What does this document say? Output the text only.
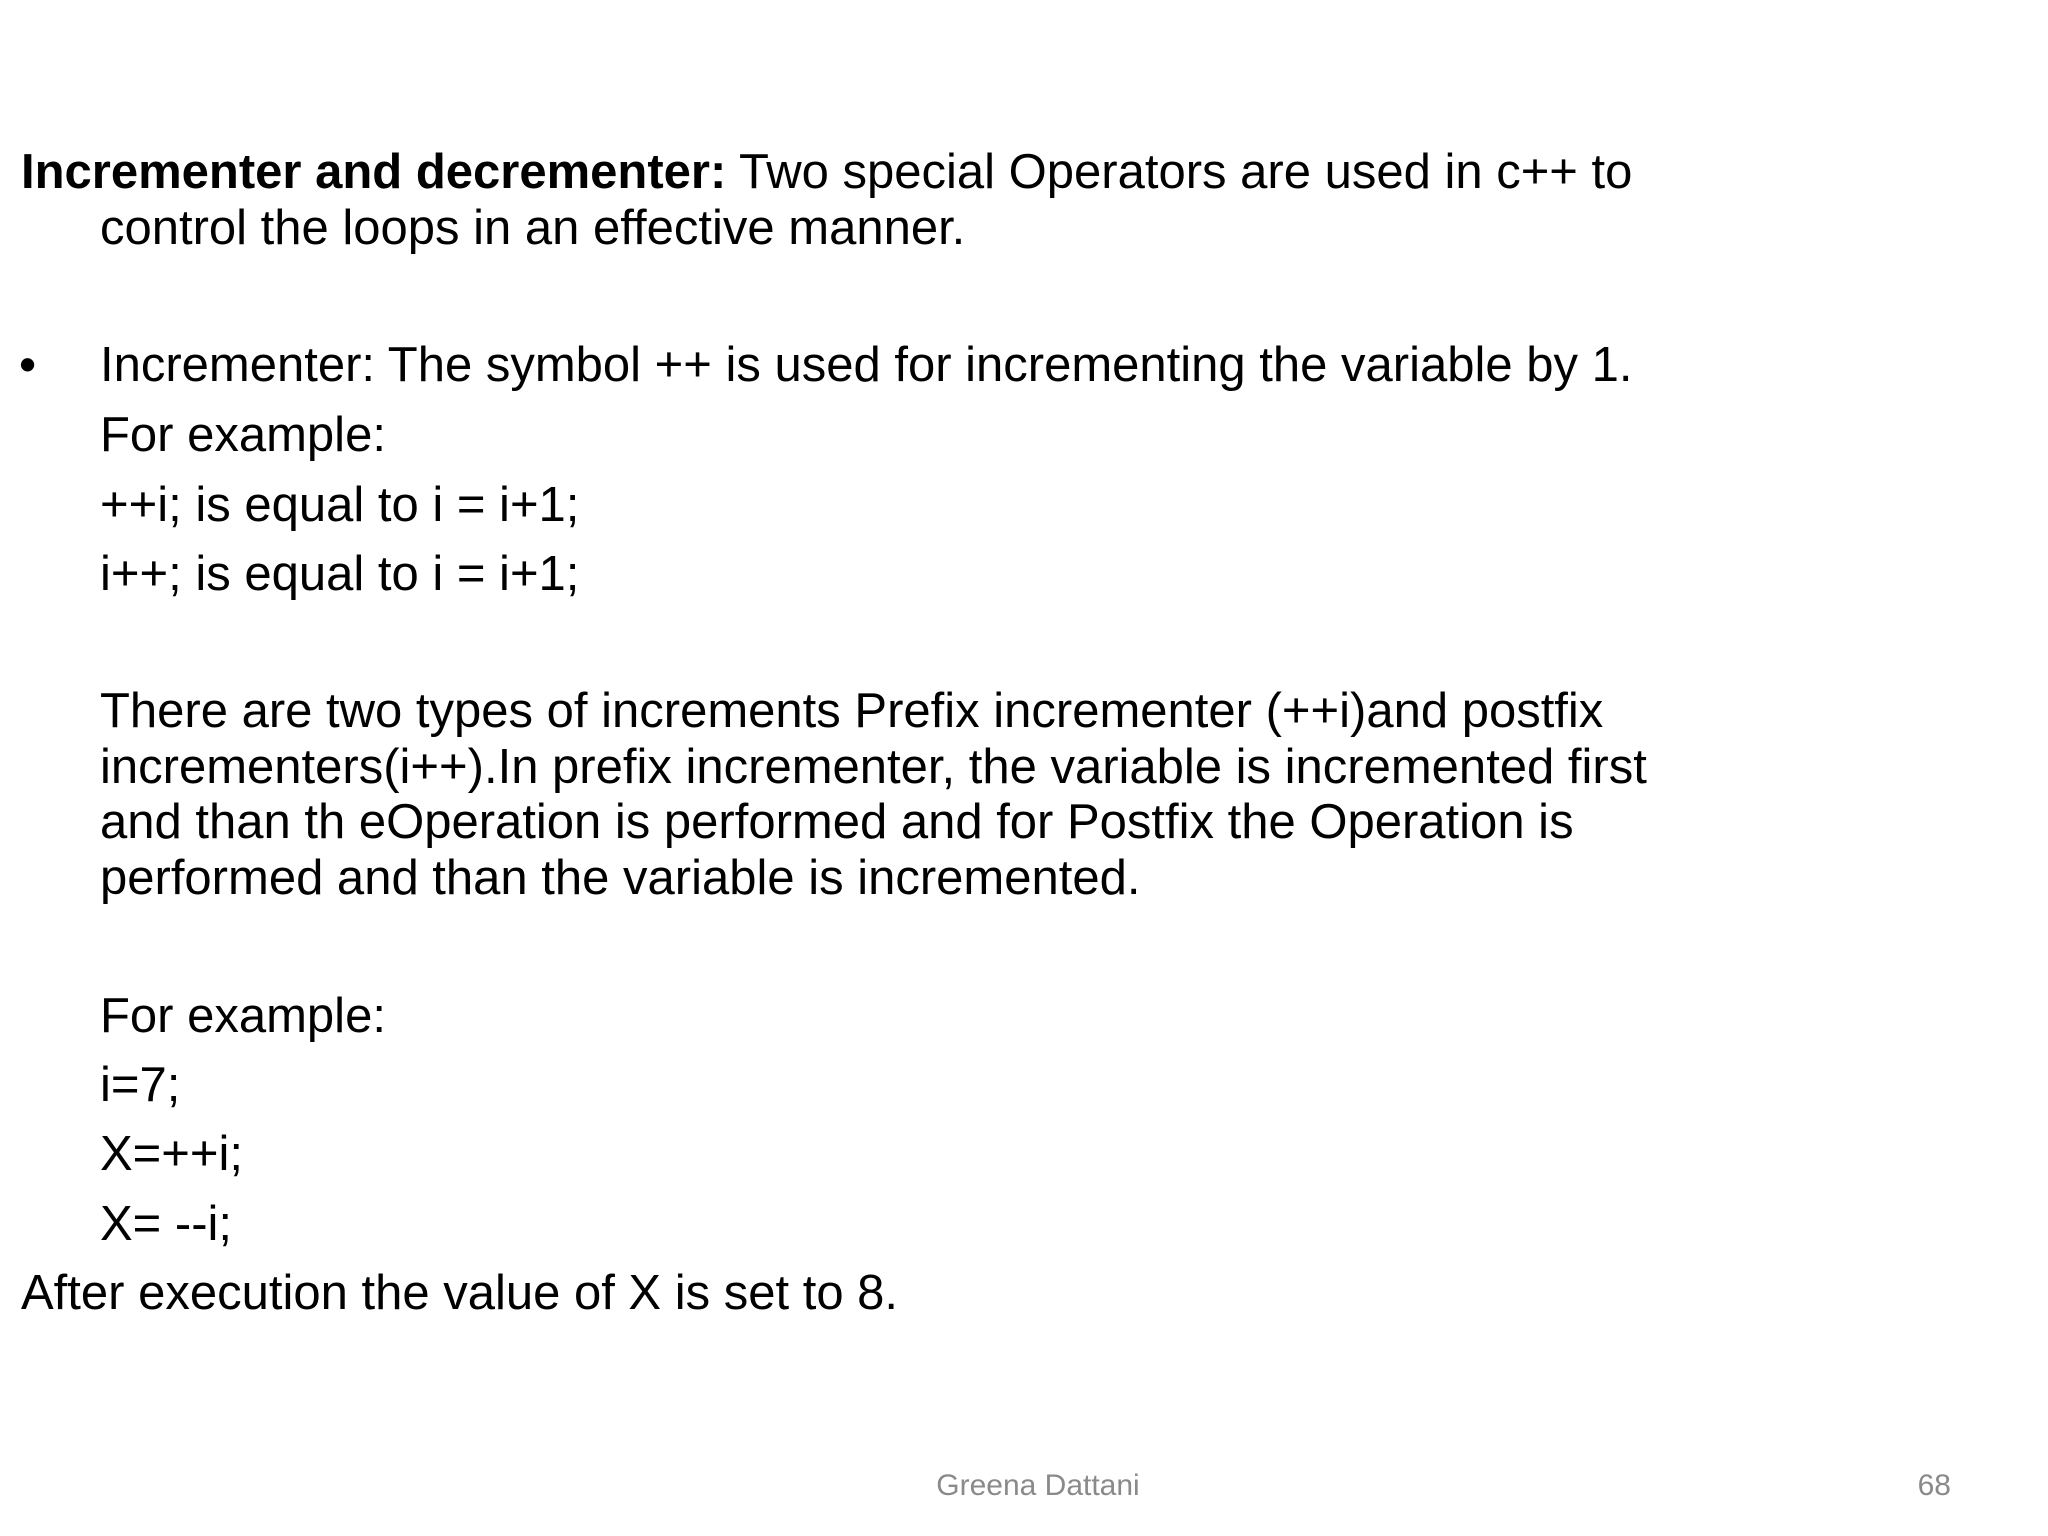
Incrementer and decrementer: Two special Operators are used in c++ to
control the loops in an effective manner.
• Incrementer: The symbol ++ is used for incrementing the variable by 1.
For example:
++i; is equal to i = i+1;
i++; is equal to i = i+1;
There are two types of increments Prefix incrementer (++i)and postfix
incrementers(i++).In prefix incrementer, the variable is incremented first
and than th eOperation is performed and for Postfix the Operation is
performed and than the variable is incremented.
For example:
i=7;
X=++i;
X= --i;
After execution the value of X is set to 8.
Greena Dattani	68
